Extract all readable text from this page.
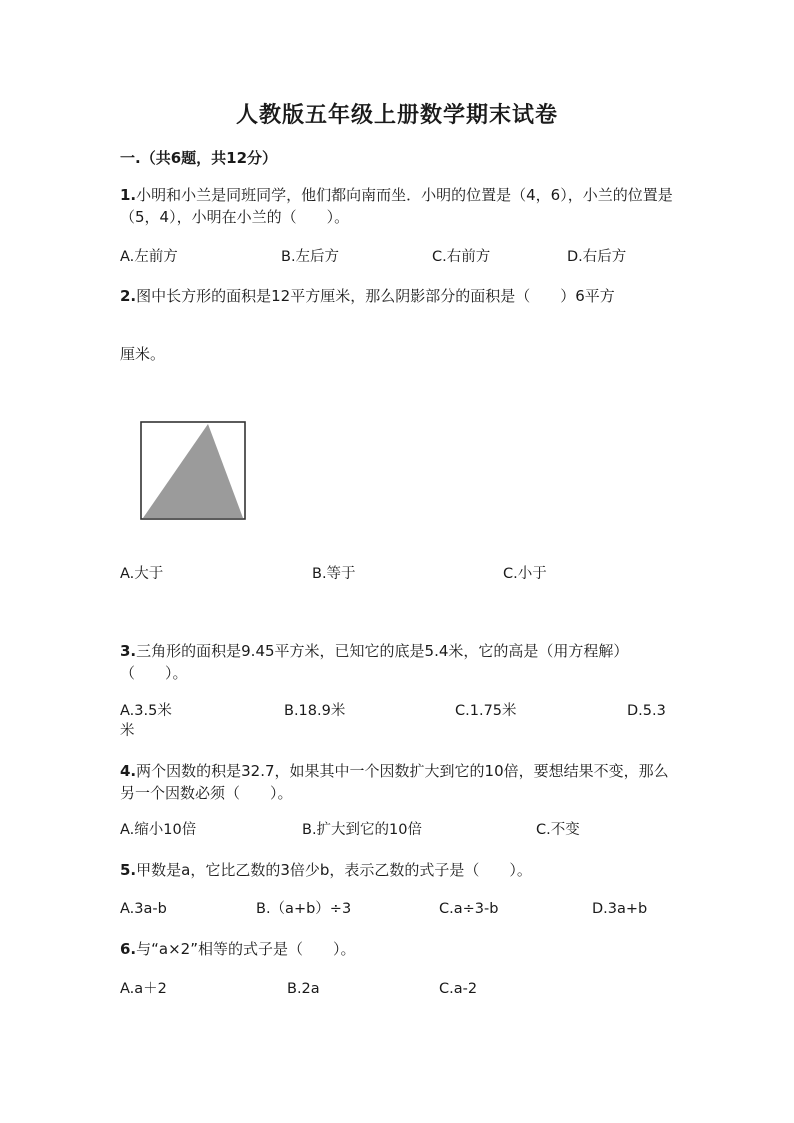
人教版五年级上册数学期末试卷
一.（共6题，共12分）
1.小明和小兰是同班同学，他们都向南而坐．小明的位置是（4，6），小兰的位置是（5，4），小明在小兰的（　　）。
A.左前方	B.左后方	C.右前方	D.右后方
2.图中长方形的面积是12平方厘米，那么阴影部分的面积是（　　）6平方
厘米。
A.大于	B.等于	C.小于
3.三角形的面积是9.45平方米，已知它的底是5.4米，它的高是（用方程解）（　　）。
A.3.5米	B.18.9米	C.1.75米	D.5.3
米
4.两个因数的积是32.7，如果其中一个因数扩大到它的10倍，要想结果不变，那么另一个因数必须（　　）。
A.缩小10倍	B.扩大到它的10倍	C.不变
5.甲数是a，它比乙数的3倍少b，表示乙数的式子是（　　）。
A.3a-b	B.（a+b）÷3	C.a÷3-b	D.3a+b
6.与“a×2”相等的式子是（　　）。
A.a＋2	B.2a	C.a-2
